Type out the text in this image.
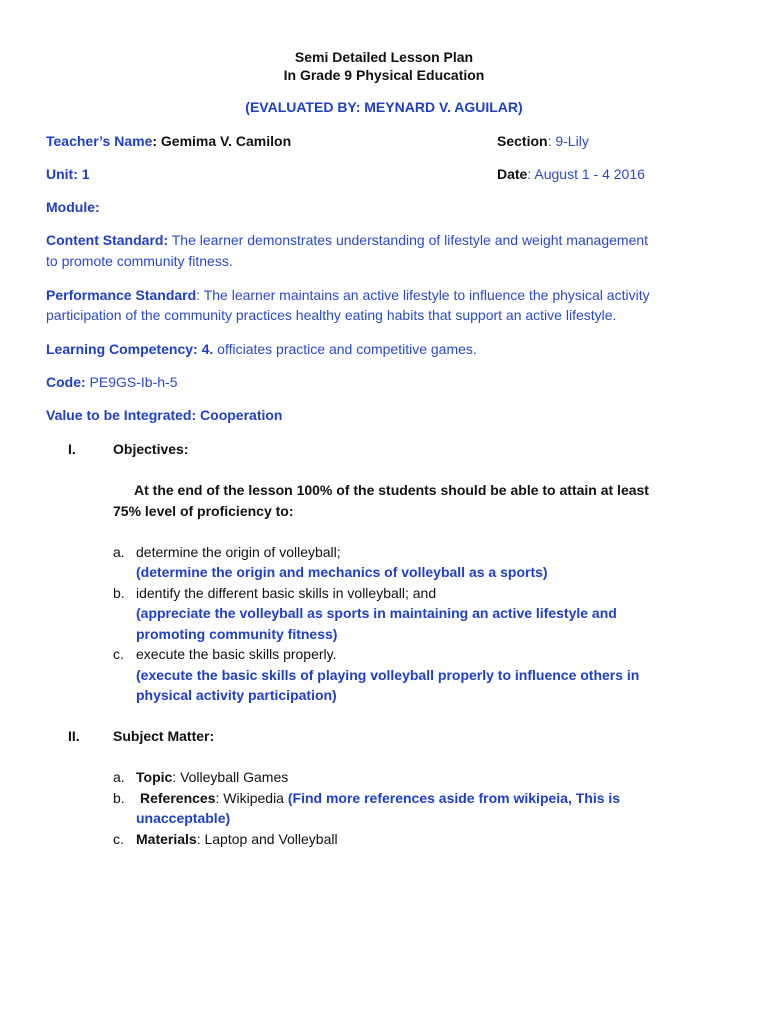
Semi Detailed Lesson Plan
In Grade 9 Physical Education
(EVALUATED BY: MEYNARD V. AGUILAR)
Teacher’s Name: Gemima V. Camilon	Section: 9-Lily
Unit: 1	Date: August 1 - 4 2016
Module:
Content Standard: The learner demonstrates understanding of lifestyle and weight management
to promote community fitness.
Performance Standard: The learner maintains an active lifestyle to influence the physical activity
participation of the community practices healthy eating habits that support an active lifestyle.
Learning Competency: 4. officiates practice and competitive games.
Code: PE9GS-Ib-h-5
Value to be Integrated: Cooperation
I.	Objectives:
At the end of the lesson 100% of the students should be able to attain at least
75% level of proficiency to:
a. determine the origin of volleyball;
(determine the origin and mechanics of volleyball as a sports)
b. identify the different basic skills in volleyball; and
(appreciate the volleyball as sports in maintaining an active lifestyle and
promoting community fitness)
c. execute the basic skills properly.
(execute the basic skills of playing volleyball properly to influence others in
physical activity participation)
II. Subject Matter:
a. Topic: Volleyball Games
b. References: Wikipedia (Find more references aside from wikipeia, This is
unacceptable)
c. Materials: Laptop and Volleyball
